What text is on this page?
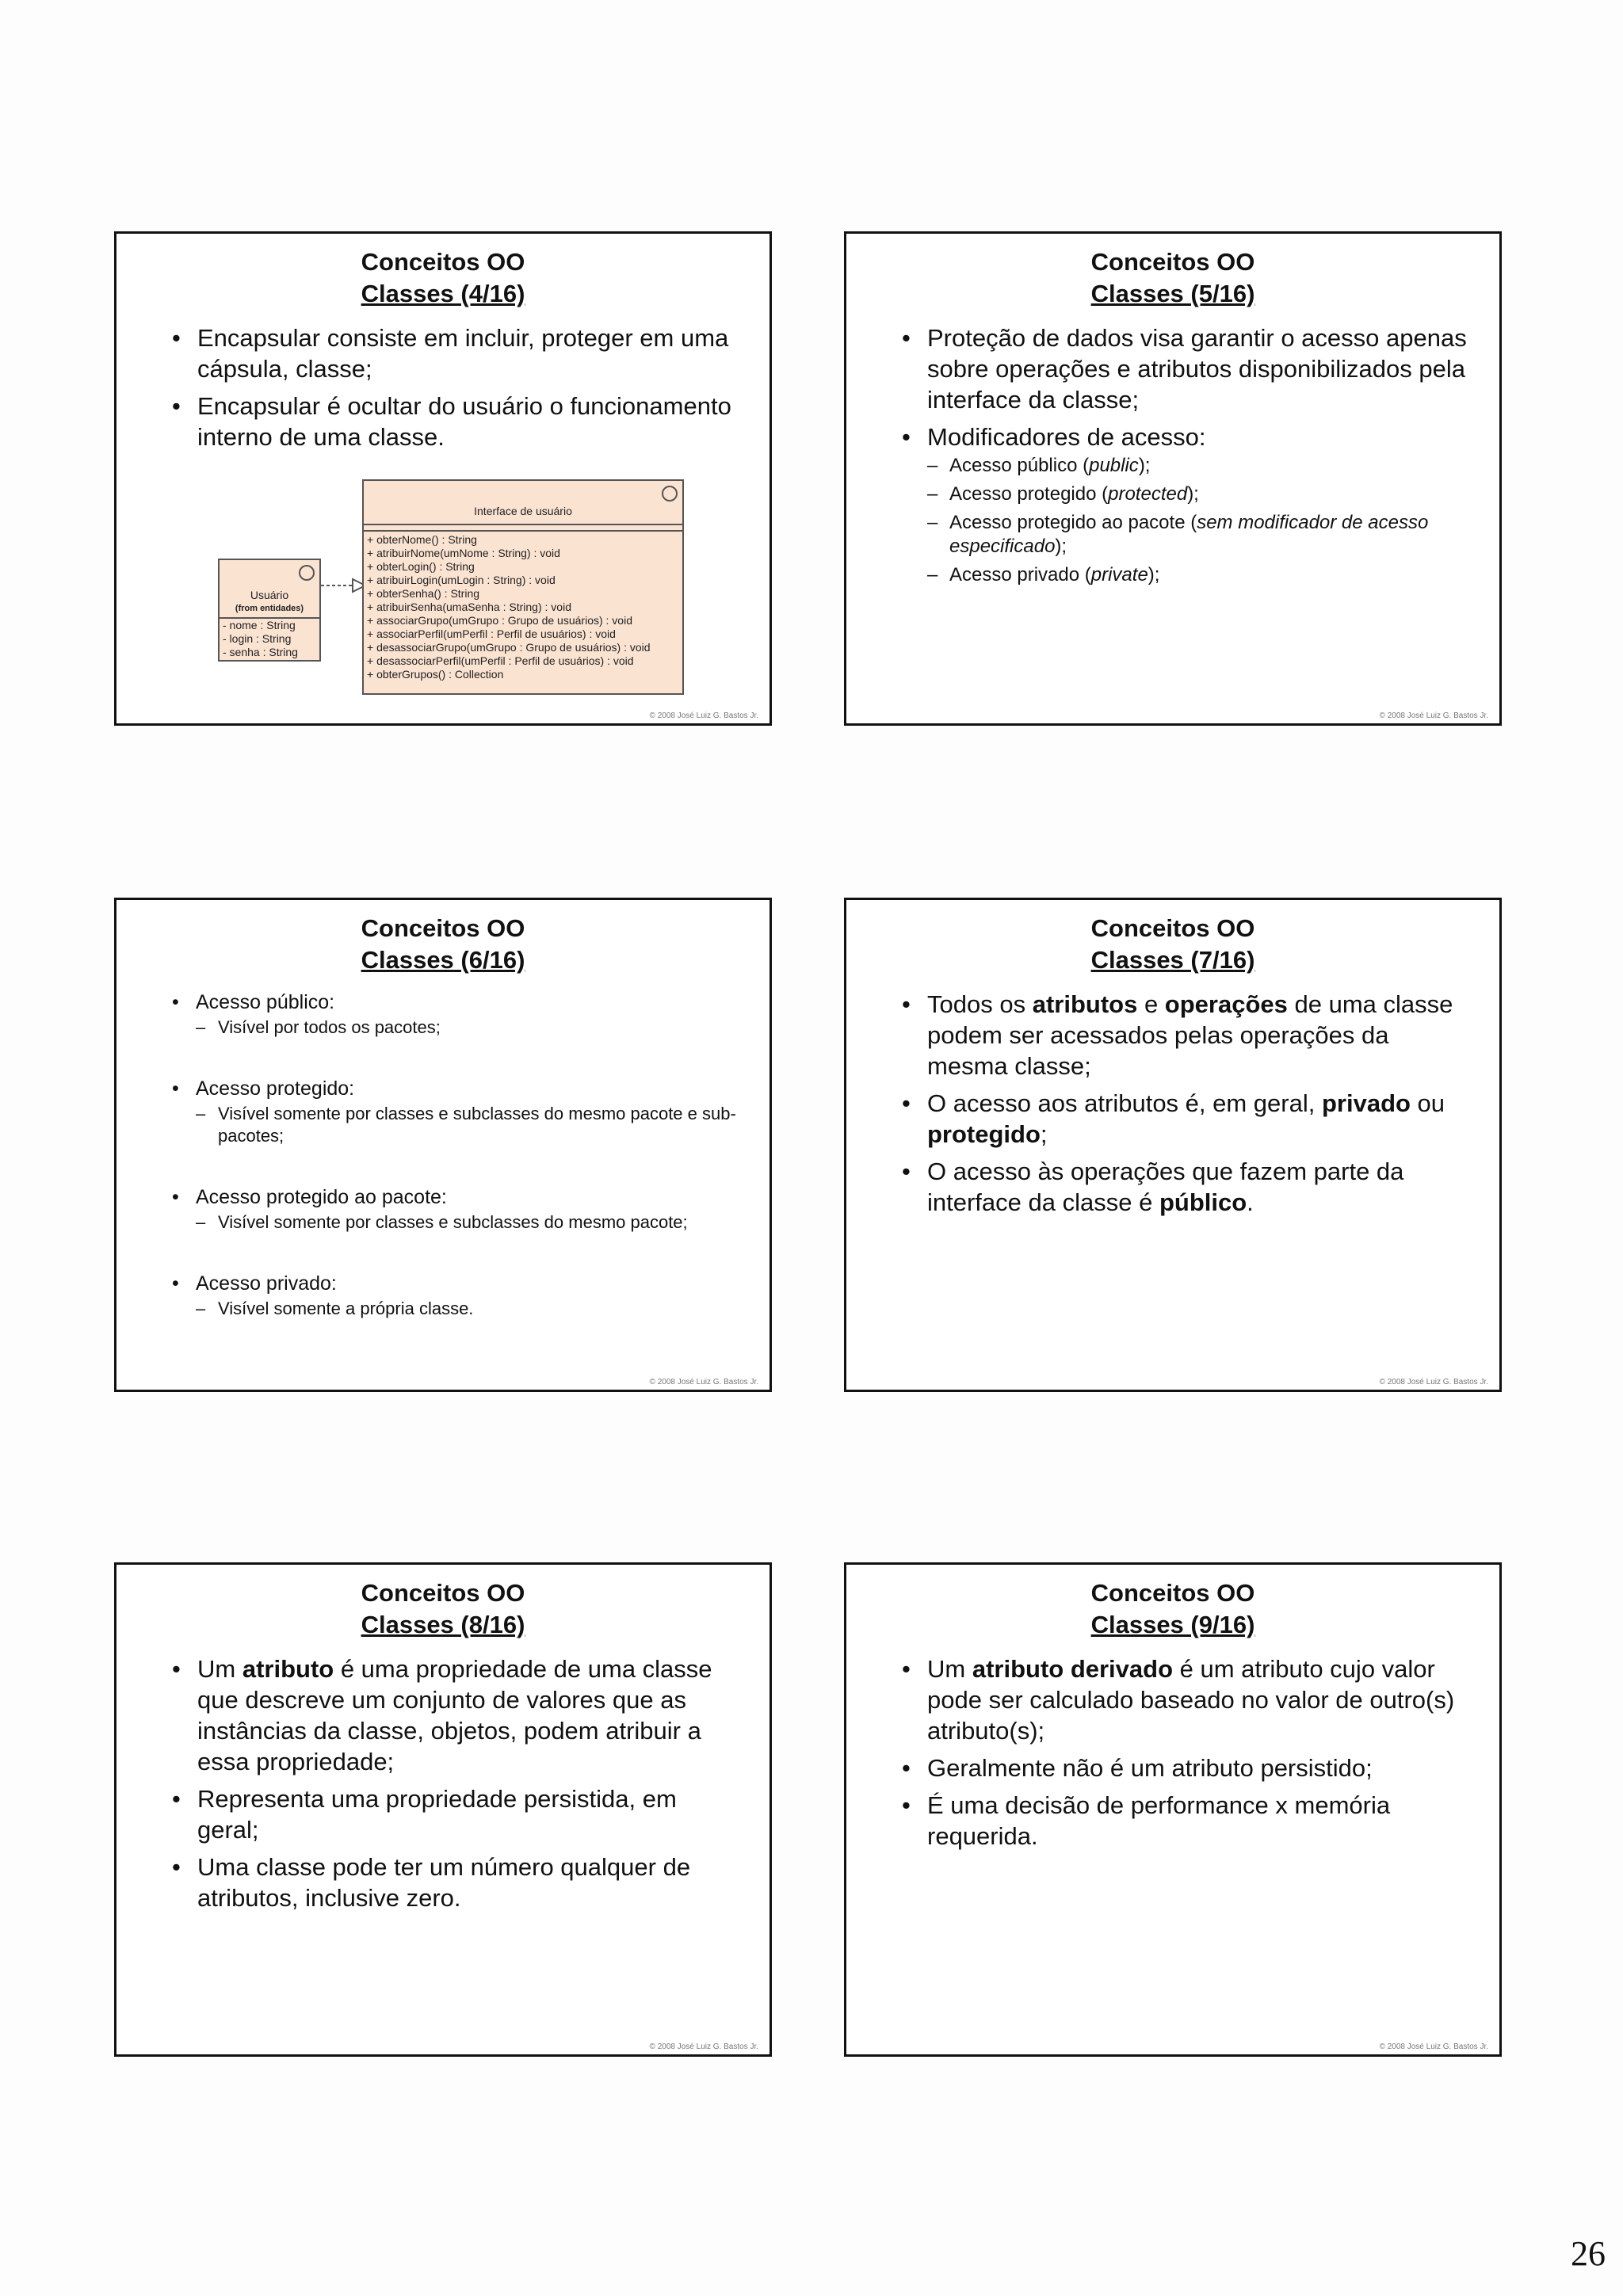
Conceitos OO
Classes (4/16)
• Encapsular consiste em incluir, proteger em uma cápsula, classe;
• Encapsular é ocultar do usuário o funcionamento interno de uma classe.
Usuário
(from entidades)
- nome : String
- login : String
- senha : String
Interface de usuário
+ obterNome() : String
+ atribuirNome(umNome : String) : void
+ obterLogin() : String
+ atribuirLogin(umLogin : String) : void
+ obterSenha() : String
+ atribuirSenha(umaSenha : String) : void
+ associarGrupo(umGrupo : Grupo de usuários) : void
+ associarPerfil(umPerfil : Perfil de usuários) : void
+ desassociarGrupo(umGrupo : Grupo de usuários) : void
+ desassociarPerfil(umPerfil : Perfil de usuários) : void
+ obterGrupos() : Collection
© 2008 José Luiz G. Bastos Jr.
Conceitos OO
Classes (5/16)
• Proteção de dados visa garantir o acesso apenas sobre operações e atributos disponibilizados pela interface da classe;
• Modificadores de acesso:
– Acesso público (public);
– Acesso protegido (protected);
– Acesso protegido ao pacote (sem modificador de acesso especificado);
– Acesso privado (private);
© 2008 José Luiz G. Bastos Jr.
Conceitos OO
Classes (6/16)
• Acesso público:
– Visível por todos os pacotes;
• Acesso protegido:
– Visível somente por classes e subclasses do mesmo pacote e sub-pacotes;
• Acesso protegido ao pacote:
– Visível somente por classes e subclasses do mesmo pacote;
• Acesso privado:
– Visível somente a própria classe.
© 2008 José Luiz G. Bastos Jr.
Conceitos OO
Classes (7/16)
• Todos os atributos e operações de uma classe podem ser acessados pelas operações da mesma classe;
• O acesso aos atributos é, em geral, privado ou protegido;
• O acesso às operações que fazem parte da interface da classe é público.
© 2008 José Luiz G. Bastos Jr.
Conceitos OO
Classes (8/16)
• Um atributo é uma propriedade de uma classe que descreve um conjunto de valores que as instâncias da classe, objetos, podem atribuir a essa propriedade;
• Representa uma propriedade persistida, em geral;
• Uma classe pode ter um número qualquer de atributos, inclusive zero.
© 2008 José Luiz G. Bastos Jr.
Conceitos OO
Classes (9/16)
• Um atributo derivado é um atributo cujo valor pode ser calculado baseado no valor de outro(s) atributo(s);
• Geralmente não é um atributo persistido;
• É uma decisão de performance x memória requerida.
© 2008 José Luiz G. Bastos Jr.
26
